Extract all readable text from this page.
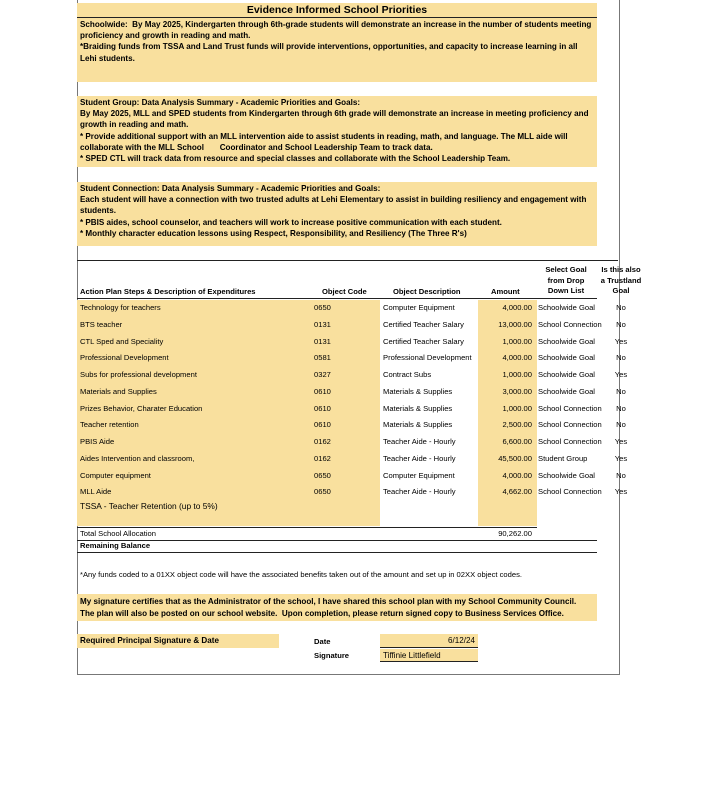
Evidence Informed School Priorities
Schoolwide:  By May 2025, Kindergarten through 6th-grade students will demonstrate an increase in the number of students meeting proficiency and growth in reading and math.
*Braiding funds from TSSA and Land Trust funds will provide interventions, opportunities, and capacity to increase learning in all Lehi students.
Student Group: Data Analysis Summary - Academic Priorities and Goals:
By May 2025, MLL and SPED students from Kindergarten through 6th grade will demonstrate an increase in meeting proficiency and growth in reading and math.
* Provide additional support with an MLL intervention aide to assist students in reading, math, and language. The MLL aide will collaborate with the MLL School       Coordinator and School Leadership Team to track data.
* SPED CTL will track data from resource and special classes and collaborate with the School Leadership Team.
Student Connection: Data Analysis Summary - Academic Priorities and Goals:
Each student will have a connection with two trusted adults at Lehi Elementary to assist in building resiliency and engagement with students.
* PBIS aides, school counselor, and teachers will work to increase positive communication with each student.
* Monthly character education lessons using Respect, Responsibility, and Resiliency (The Three R's)
Action Plan Steps & Description of Expenditures	Object Code	Object Description	Amount
Select Goal
from Drop
Down List
Is this also
a Trustland
Goal
Technology for teachers	0650	Computer Equipment	4,000.00 Schoolwide Goal	No
BTS teacher	0131	Certified Teacher Salary	13,000.00 School Connection	No
CTL Sped and Speciality	0131	Certified Teacher Salary	1,000.00 Schoolwide Goal	Yes
Professional Development	0581	Professional Development	4,000.00 Schoolwide Goal	No
Subs for professional development	0327	Contract Subs	1,000.00 Schoolwide Goal	Yes
Materials and Supplies	0610	Materials & Supplies	3,000.00 Schoolwide Goal	No
Prizes Behavior, Charater Education	0610	Materials & Supplies	1,000.00 School Connection	No
Teacher retention	0610	Materials & Supplies	2,500.00 School Connection	No
PBIS Aide	0162	Teacher Aide - Hourly	6,600.00 School Connection	Yes
Aides Intervention and classroom,	0162	Teacher Aide - Hourly	45,500.00 Student Group	Yes
Computer equipment	0650	Computer Equipment	4,000.00 Schoolwide Goal	No
MLL Aide	0650	Teacher Aide - Hourly	4,662.00 School Connection	Yes
TSSA - Teacher Retention (up to 5%)
Total School Allocation	90,262.00
Remaining Balance
*Any funds coded to a 01XX object code will have the associated benefits taken out of the amount and set up in 02XX object codes.
My signature certifies that as the Administrator of the school, I have shared this school plan with my School Community Council.
The plan will also be posted on our school website.  Upon completion, please return signed copy to Business Services Office.
Required Principal Signature & Date	Date	6/12/24
Signature	Tiffinie Littlefield
